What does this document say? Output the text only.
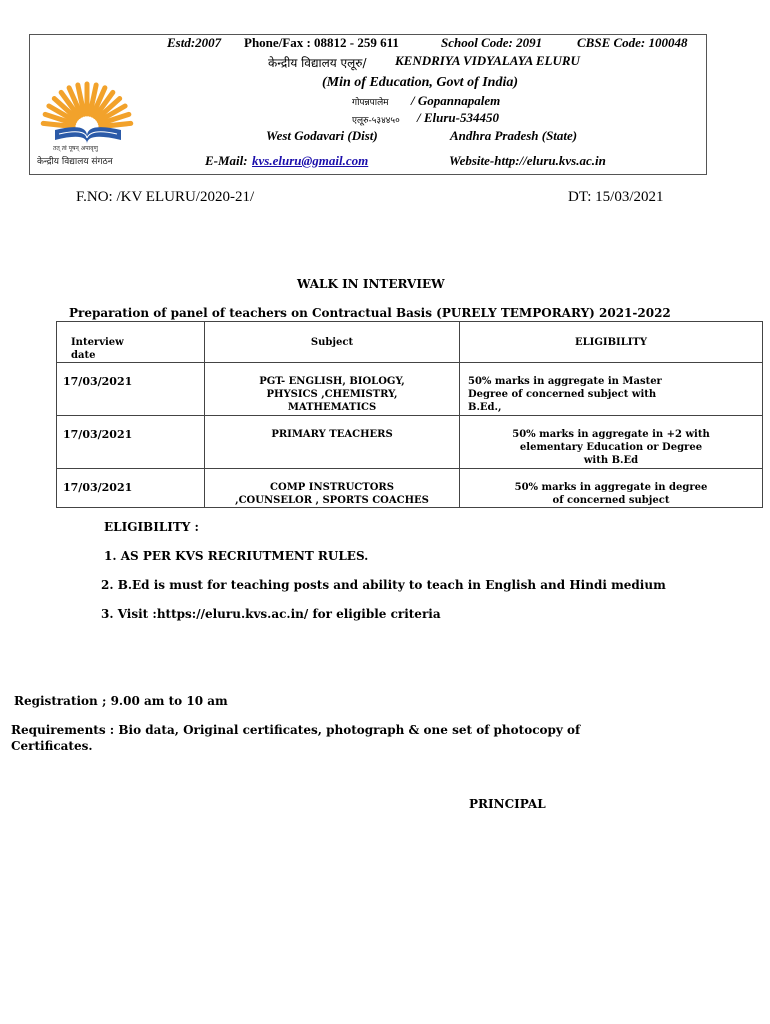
तत् त्वं पूषन् अपावृणु
केन्द्रीय विद्यालय संगठन
Estd:2007 Phone/Fax : 08812 - 259 611	School Code: 2091	CBSE Code: 100048
केन्द्रीय विद्यालय एलूरु/ KENDRIYA VIDYALAYA ELURU
(Min of Education, Govt of India)
गोपन्नपालेम / Gopannapalem
एलूरु-५३४४५० / Eluru-534450
West Godavari (Dist)	Andhra Pradesh (State)
E-Mail: kvs.eluru@gmail.com	Website-http://eluru.kvs.ac.in
F.NO: /KV ELURU/2020-21/	DT: 15/03/2021
WALK IN INTERVIEW
Preparation of panel of teachers on Contractual Basis (PURELY TEMPORARY) 2021-2022
Interview
date	Subject	ELIGIBILITY

17/03/2021	PGT- ENGLISH, BIOLOGY,
PHYSICS ,CHEMISTRY,
MATHEMATICS	50% marks in aggregate in Master
Degree of concerned subject with
B.Ed.,

17/03/2021	PRIMARY TEACHERS	50% marks in aggregate in +2 with
elementary Education or Degree
with B.Ed

17/03/2021	COMP INSTRUCTORS
,COUNSELOR , SPORTS COACHES	50% marks in aggregate in degree
of concerned subject
ELIGIBILITY :
1. AS PER KVS RECRIUTMENT RULES.
2. B.Ed is must for teaching posts and ability to teach in English and Hindi medium
3. Visit :https://eluru.kvs.ac.in/ for eligible criteria
Registration ; 9.00 am to 10 am
Requirements : Bio data, Original certificates, photograph & one set of photocopy of
Certificates.
PRINCIPAL
